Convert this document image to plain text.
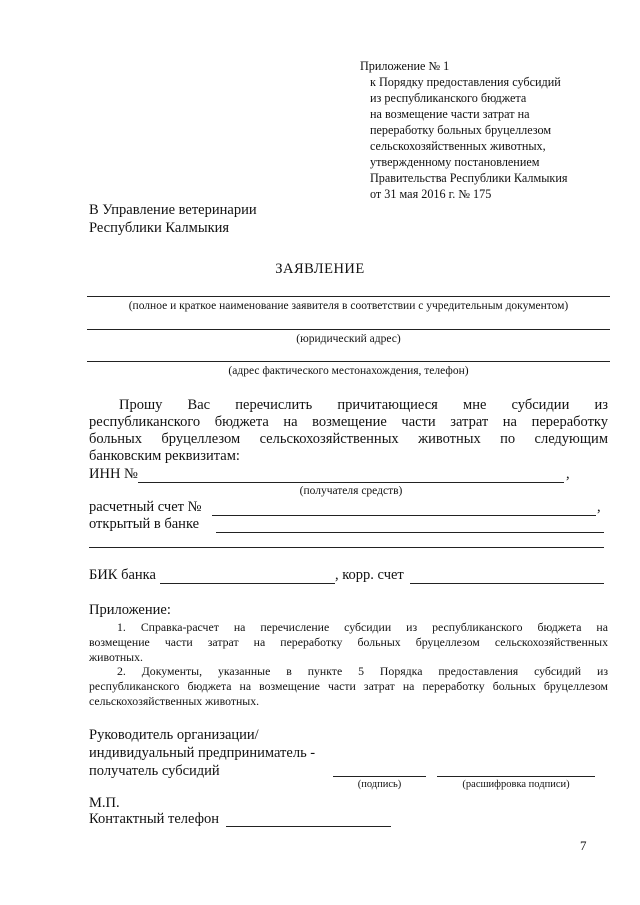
Приложение № 1
к Порядку предоставления субсидий
из республиканского бюджета
на возмещение части затрат на
переработку больных бруцеллезом
сельскохозяйственных животных,
утвержденному постановлением
Правительства Республики Калмыкия
от 31 мая 2016 г. № 175
В Управление ветеринарии
Республики Калмыкия
ЗАЯВЛЕНИЕ
(полное и краткое наименование заявителя в соответствии с учредительным документом)
(юридический адрес)
(адрес фактического местонахождения, телефон)
Прошу Вас перечислить причитающиеся мне субсидии из
республиканского бюджета на возмещение части затрат на переработку
больных бруцеллезом сельскохозяйственных животных по следующим
банковским реквизитам:
ИНН №	,
(получателя средств)
расчетный счет №	,
открытый в банке
БИК банка	, корр. счет
Приложение:
1. Справка-расчет на перечисление субсидии из республиканского бюджета на
возмещение части затрат на переработку больных бруцеллезом сельскохозяйственных
животных.
2. Документы, указанные в пункте 5 Порядка предоставления субсидий из
республиканского бюджета на возмещение части затрат на переработку больных бруцеллезом
сельскохозяйственных животных.
Руководитель организации/
индивидуальный предприниматель -
получатель субсидий
(подпись)	(расшифровка подписи)
М.П.
Контактный телефон
7
